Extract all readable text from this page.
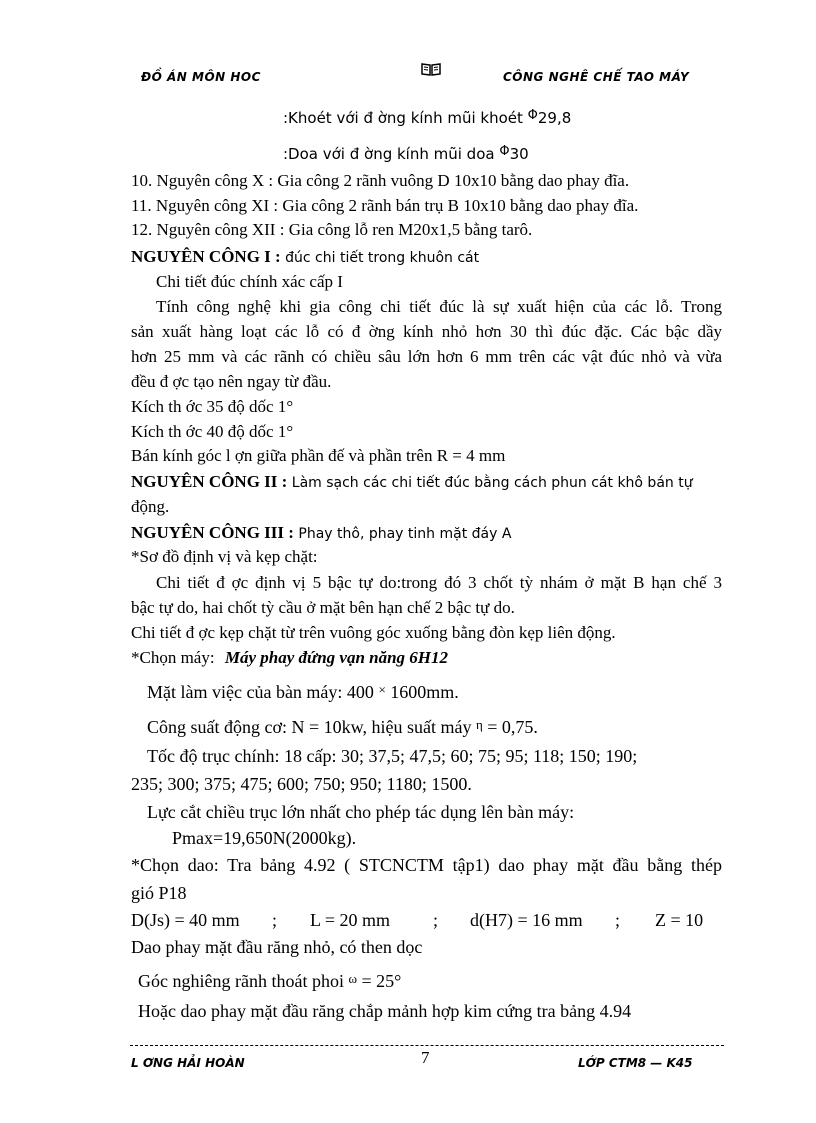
ĐỒ ÁN MÔN HOC	CÔNG NGHÊ CHẾ TAO MÁY
:Khoét với đ ờng kính mũi khoét Φ29,8
:Doa với đ ờng kính mũi doa Φ30
10. Nguyên công X : Gia công 2 rãnh vuông D 10x10 bằng dao phay đĩa.
11. Nguyên công XI : Gia công 2 rãnh bán trụ B 10x10 bằng dao phay đĩa.
12. Nguyên công XII : Gia công lỗ ren M20x1,5 bằng tarô.
NGUYÊN CÔNG I : đúc chi tiết trong khuôn cát
Chi tiết đúc chính xác cấp I
Tính công nghệ khi gia công chi tiết đúc là sự xuất hiện của các lỗ. Trong
sản xuất hàng loạt các lỗ có đ ờng kính nhỏ hơn 30 thì đúc đặc. Các bậc dầy
hơn 25 mm và các rãnh có chiều sâu lớn hơn 6 mm trên các vật đúc nhỏ và vừa
đều đ ợc tạo nên ngay từ đầu.
Kích th ớc 35 độ dốc 1°
Kích th ớc 40 độ dốc 1°
Bán kính góc l ợn giữa phần đế và phần trên R = 4 mm
NGUYÊN CÔNG II : Làm sạch các chi tiết đúc bằng cách phun cát khô bán tự
động.
NGUYÊN CÔNG III : Phay thô, phay tinh mặt đáy A
*Sơ đồ định vị và kẹp chặt:
Chi tiết đ ợc định vị 5 bậc tự do:trong đó 3 chốt tỳ nhám ở mặt B hạn chế 3
bậc tự do, hai chốt tỳ cầu ở mặt bên hạn chế 2 bậc tự do.
Chi tiết đ ợc kẹp chặt từ trên vuông góc xuống bằng đòn kẹp liên động.
*Chọn máy: Máy phay đứng vạn năng 6H12
Mặt làm việc của bàn máy: 400 × 1600mm.
Công suất động cơ: N = 10kw, hiệu suất máy $^\eta$ = 0,75.
Tốc độ trục chính: 18 cấp: 30; 37,5; 47,5; 60; 75; 95; 118; 150; 190;
235; 300; 375; 475; 600; 750; 950; 1180; 1500.
Lực cắt chiều trục lớn nhất cho phép tác dụng lên bàn máy:
Pmax=19,650N(2000kg).
*Chọn dao: Tra bảng 4.92 ( STCNCTM tập1) dao phay mặt đầu bằng thép
gió P18
D(Js) = 40 mm ; L = 20 mm ; d(H7) = 16 mm ; Z = 10
Dao phay mặt đầu răng nhỏ, có then dọc
Góc nghiêng rãnh thoát phoi $^\omega$ = 25°
Hoặc dao phay mặt đầu răng chắp mảnh hợp kim cứng tra bảng 4.94
L ƠNG HẢI HOÀN	7	LỚP CTM8 — K45
